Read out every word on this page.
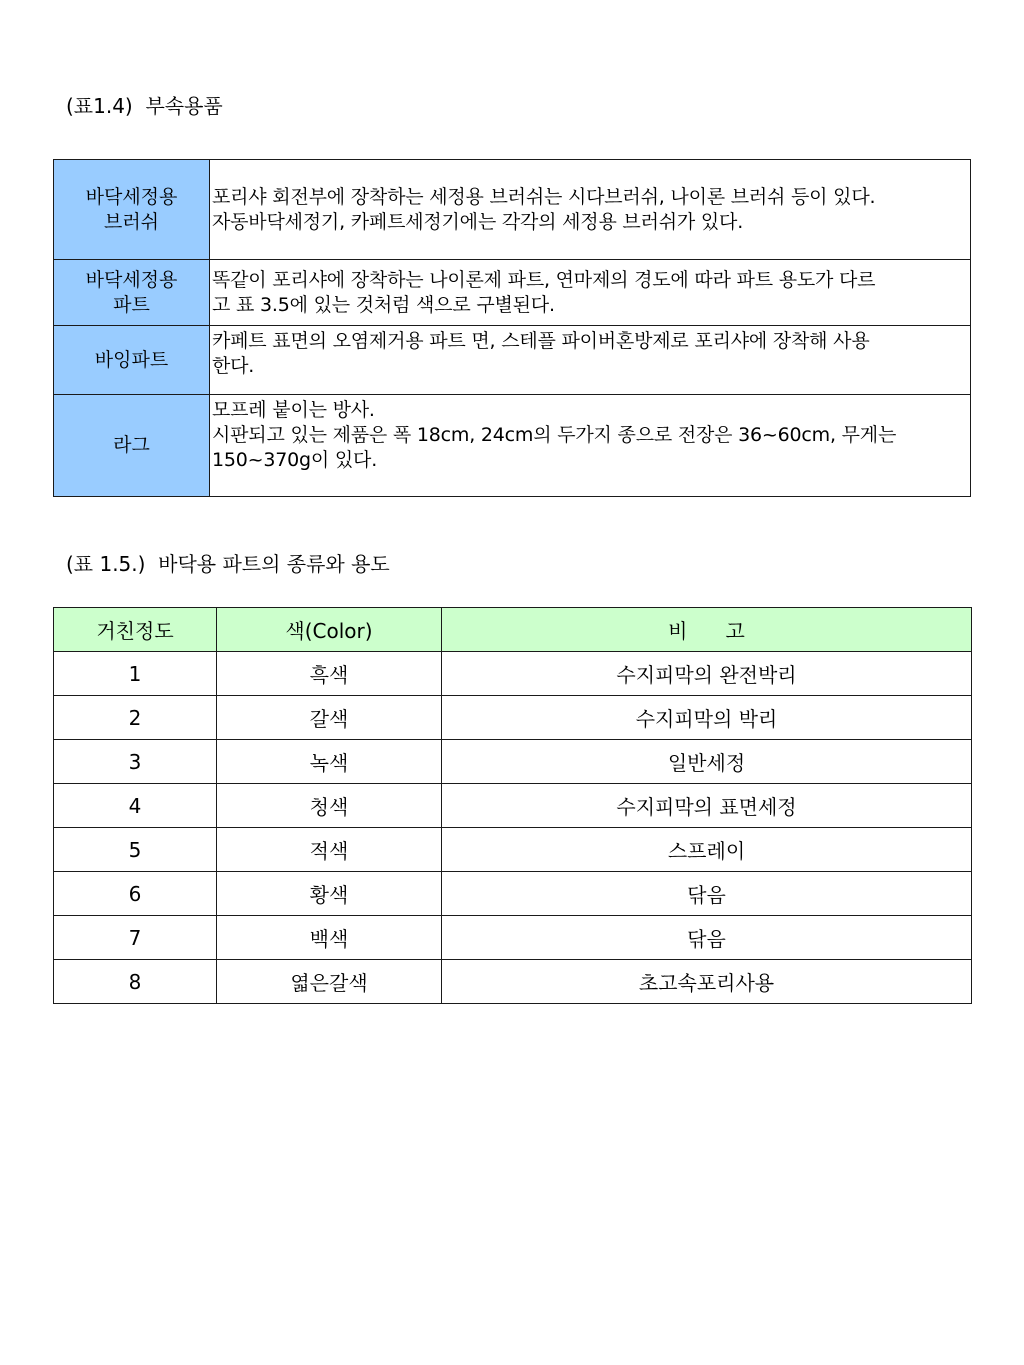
(표1.4)  부속용품
바닥세정용
브러쉬	포리샤 회전부에 장착하는 세정용 브러쉬는 시다브러쉬, 나이론 브러쉬 등이 있다.
자동바닥세정기, 카페트세정기에는 각각의 세정용 브러쉬가 있다.
바닥세정용
파트	똑같이 포리샤에 장착하는 나이론제 파트, 연마제의 경도에 따라 파트 용도가 다르
고 표 3.5에 있는 것처럼 색으로 구별된다.
바잉파트	카페트 표면의 오염제거용 파트 면, 스테플 파이버혼방제로 포리샤에 장착해 사용
한다.
라그	모프레 붙이는 방사.
시판되고 있는 제품은 폭 18cm, 24cm의 두가지 종으로 전장은 36~60cm, 무게는
150~370g이 있다.
(표 1.5.)  바닥용 파트의 종류와 용도
거친정도	색(Color)	비      고
1	흑색	수지피막의 완전박리
2	갈색	수지피막의 박리
3	녹색	일반세정
4	청색	수지피막의 표면세정
5	적색	스프레이
6	황색	닦음
7	백색	닦음
8	엷은갈색	초고속포리사용
